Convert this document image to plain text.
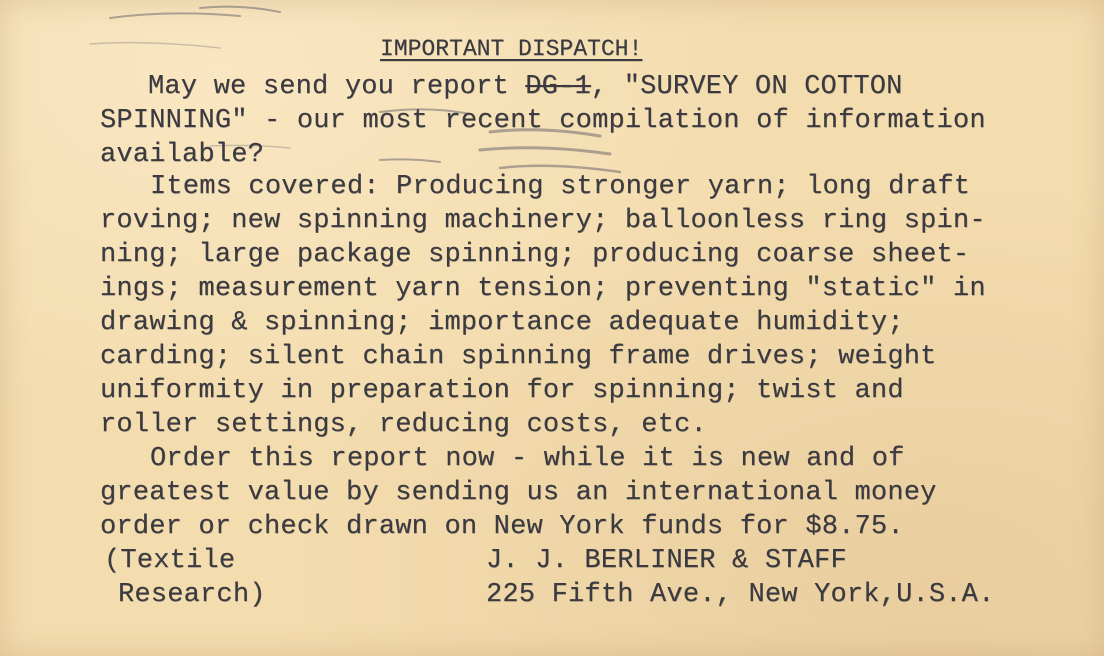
IMPORTANT DISPATCH!
May we send you report DG-1, "SURVEY ON COTTON
SPINNING" - our most recent compilation of information
available?
Items covered: Producing stronger yarn; long draft
roving; new spinning machinery; balloonless ring spin-
ning; large package spinning; producing coarse sheet-
ings; measurement yarn tension; preventing "static" in
drawing & spinning; importance adequate humidity;
carding; silent chain spinning frame drives; weight
uniformity in preparation for spinning; twist and
roller settings, reducing costs, etc.
Order this report now - while it is new and of
greatest value by sending us an international money
order or check drawn on New York funds for $8.75.
(Textile
Research)
J. J. BERLINER & STAFF
225 Fifth Ave., New York,U.S.A.
